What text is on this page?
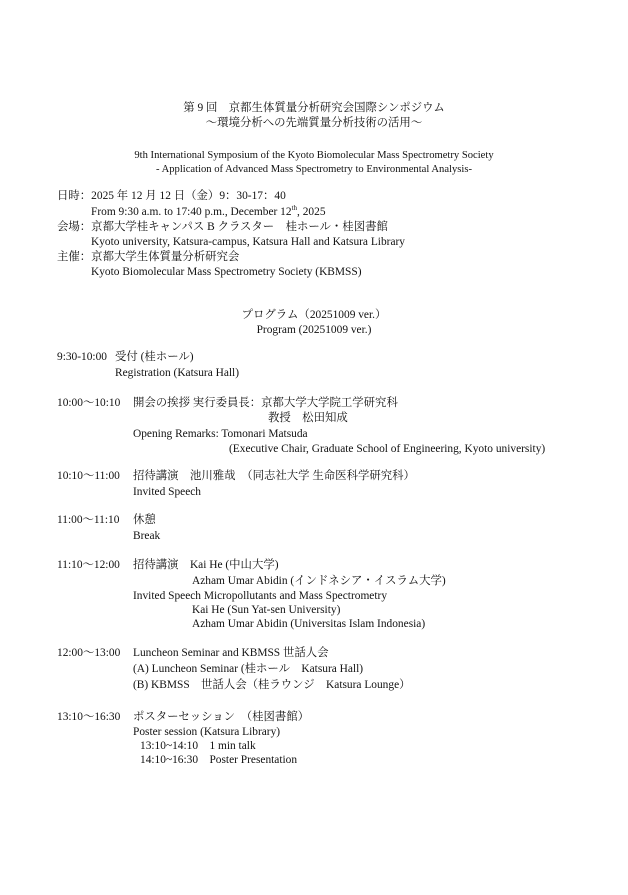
第 9 回　京都生体質量分析研究会国際シンポジウム
～環境分析への先端質量分析技術の活用～
9th International Symposium of the Kyoto Biomolecular Mass Spectrometry Society
- Application of Advanced Mass Spectrometry to Environmental Analysis-
日時：2025 年 12 月 12 日（金）9：30-17：40
From 9:30 a.m. to 17:40 p.m., December 12th, 2025
会場：京都大学桂キャンパス B クラスター　桂ホール・桂図書館
Kyoto university, Katsura-campus, Katsura Hall and Katsura Library
主催：京都大学生体質量分析研究会
Kyoto Biomolecular Mass Spectrometry Society (KBMSS)
プログラム（20251009 ver.）
Program (20251009 ver.)
9:30-10:00 受付 (桂ホール)
Registration (Katsura Hall)
10:00～10:10 開会の挨拶 実行委員長：京都大学大学院工学研究科
教授　松田知成
Opening Remarks: Tomonari Matsuda
(Executive Chair, Graduate School of Engineering, Kyoto university)
10:10～11:00 招待講演　池川雅哉　（同志社大学 生命医科学研究科）
Invited Speech
11:00～11:10 休憩
Break
11:10～12:00 招待講演　Kai He (中山大学)
Azham Umar Abidin (インドネシア・イスラム大学)
Invited Speech Micropollutants and Mass Spectrometry
Kai He (Sun Yat-sen University)
Azham Umar Abidin (Universitas Islam Indonesia)
12:00～13:00 Luncheon Seminar and KBMSS 世話人会
(A) Luncheon Seminar (桂ホール　Katsura Hall)
(B) KBMSS　世話人会（桂ラウンジ　Katsura Lounge）
13:10～16:30 ポスターセッション　（桂図書館）
Poster session (Katsura Library)
13:10~14:10　1 min talk
14:10~16:30　Poster Presentation
